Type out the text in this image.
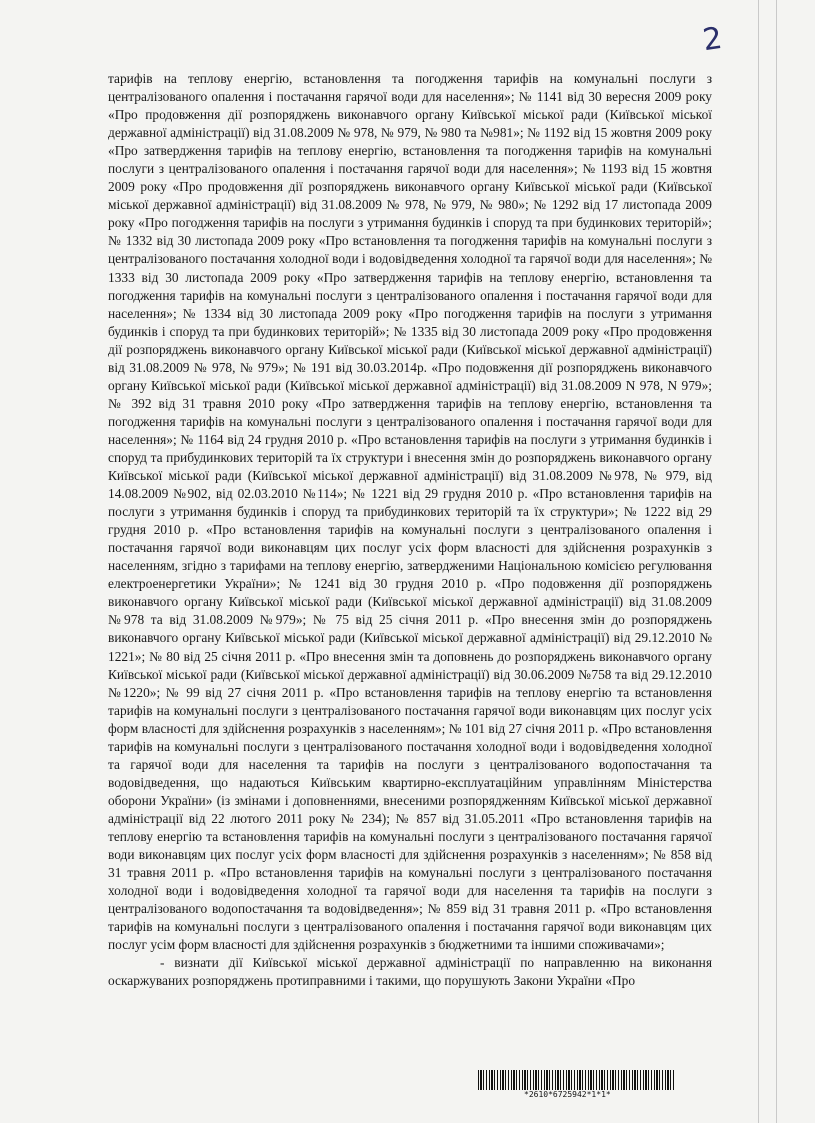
2

тарифів на теплову енергію, встановлення та погодження тарифів на комунальні послуги з централізованого опалення і постачання гарячої води для населення»; № 1141 від 30 вересня 2009 року «Про продовження дії розпоряджень виконавчого органу Київської міської ради (Київської міської державної адміністрації) від 31.08.2009 № 978, № 979, № 980 та №981»; № 1192 від 15 жовтня 2009 року «Про затвердження тарифів на теплову енергію, встановлення та погодження тарифів на комунальні послуги з централізованого опалення і постачання гарячої води для населення»; № 1193 від 15 жовтня 2009 року «Про продовження дії розпоряджень виконавчого органу Київської міської ради (Київської міської державної адміністрації) від 31.08.2009 № 978, № 979, № 980»; № 1292 від 17 листопада 2009 року «Про погодження тарифів на послуги з утримання будинків і споруд та при будинкових територій»; № 1332 від 30 листопада 2009 року «Про встановлення та погодження тарифів на комунальні послуги з централізованого постачання холодної води і водовідведення холодної та гарячої води для населення»; № 1333 від 30 листопада 2009 року «Про затвердження тарифів на теплову енергію, встановлення та погодження тарифів на комунальні послуги з централізованого опалення і постачання гарячої води для населення»; № 1334 від 30 листопада 2009 року «Про погодження тарифів на послуги з утримання будинків і споруд та при будинкових територій»; № 1335 від 30 листопада 2009 року «Про продовження дії розпоряджень виконавчого органу Київської міської ради (Київської міської державної адміністрації) від 31.08.2009 № 978, № 979»; № 191 від 30.03.2014р. «Про подовження дії розпоряджень виконавчого органу Київської міської ради (Київської міської державної адміністрації) від 31.08.2009 N 978, N 979»; № 392 від 31 травня 2010 року «Про затвердження тарифів на теплову енергію, встановлення та погодження тарифів на комунальні послуги з централізованого опалення і постачання гарячої води для населення»; № 1164 від 24 грудня 2010 р. «Про встановлення тарифів на послуги з утримання будинків і споруд та прибудинкових територій та їх структури і внесення змін до розпоряджень виконавчого органу Київської міської ради (Київської міської державної адміністрації) від 31.08.2009 №978, № 979, від 14.08.2009 №902, від 02.03.2010 №114»; № 1221 від 29 грудня 2010 р. «Про встановлення тарифів на послуги з утримання будинків і споруд та прибудинкових територій та їх структури»; № 1222 від 29 грудня 2010 р. «Про встановлення тарифів на комунальні послуги з централізованого опалення і постачання гарячої води виконавцям цих послуг усіх форм власності для здійснення розрахунків з населенням, згідно з тарифами на теплову енергію, затвердженими Національною комісією регулювання електроенергетики України»; № 1241 від 30 грудня 2010 р. «Про подовження дії розпоряджень виконавчого органу Київської міської ради (Київської міської державної адміністрації) від 31.08.2009 №978 та від 31.08.2009 №979»; № 75 від 25 січня 2011 р. «Про внесення змін до розпоряджень виконавчого органу Київської міської ради (Київської міської державної адміністрації) від 29.12.2010 № 1221»; № 80 від 25 січня 2011 р. «Про внесення змін та доповнень до розпоряджень виконавчого органу Київської міської ради (Київської міської державної адміністрації) від 30.06.2009 №758 та від 29.12.2010 №1220»; № 99 від 27 січня 2011 р. «Про встановлення тарифів на теплову енергію та встановлення тарифів на комунальні послуги з централізованого постачання гарячої води виконавцям цих послуг усіх форм власності для здійснення розрахунків з населенням»; № 101 від 27 січня 2011 р. «Про встановлення тарифів на комунальні послуги з централізованого постачання холодної води і водовідведення холодної та гарячої води для населення та тарифів на послуги з централізованого водопостачання та водовідведення, що надаються Київським квартирно-експлуатаційним управлінням Міністерства оборони України» (із змінами і доповненнями, внесеними розпорядженням Київської міської державної адміністрації від 22 лютого 2011 року № 234); № 857 від 31.05.2011 «Про встановлення тарифів на теплову енергію та встановлення тарифів на комунальні послуги з централізованого постачання гарячої води виконавцям цих послуг усіх форм власності для здійснення розрахунків з населенням»; № 858 від 31 травня 2011 р. «Про встановлення тарифів на комунальні послуги з централізованого постачання холодної води і водовідведення холодної та гарячої води для населення та тарифів на послуги з централізованого водопостачання та водовідведення»; № 859 від 31 травня 2011 р. «Про встановлення тарифів на комунальні послуги з централізованого опалення і постачання гарячої води виконавцям цих послуг усім форм власності для здійснення розрахунків з бюджетними та іншими споживачами»;

- визнати дії Київської міської державної адміністрації по направленню на виконання оскаржуваних розпоряджень протиправними і такими, що порушують Закони України «Про

*2610*6725942*1*1*
